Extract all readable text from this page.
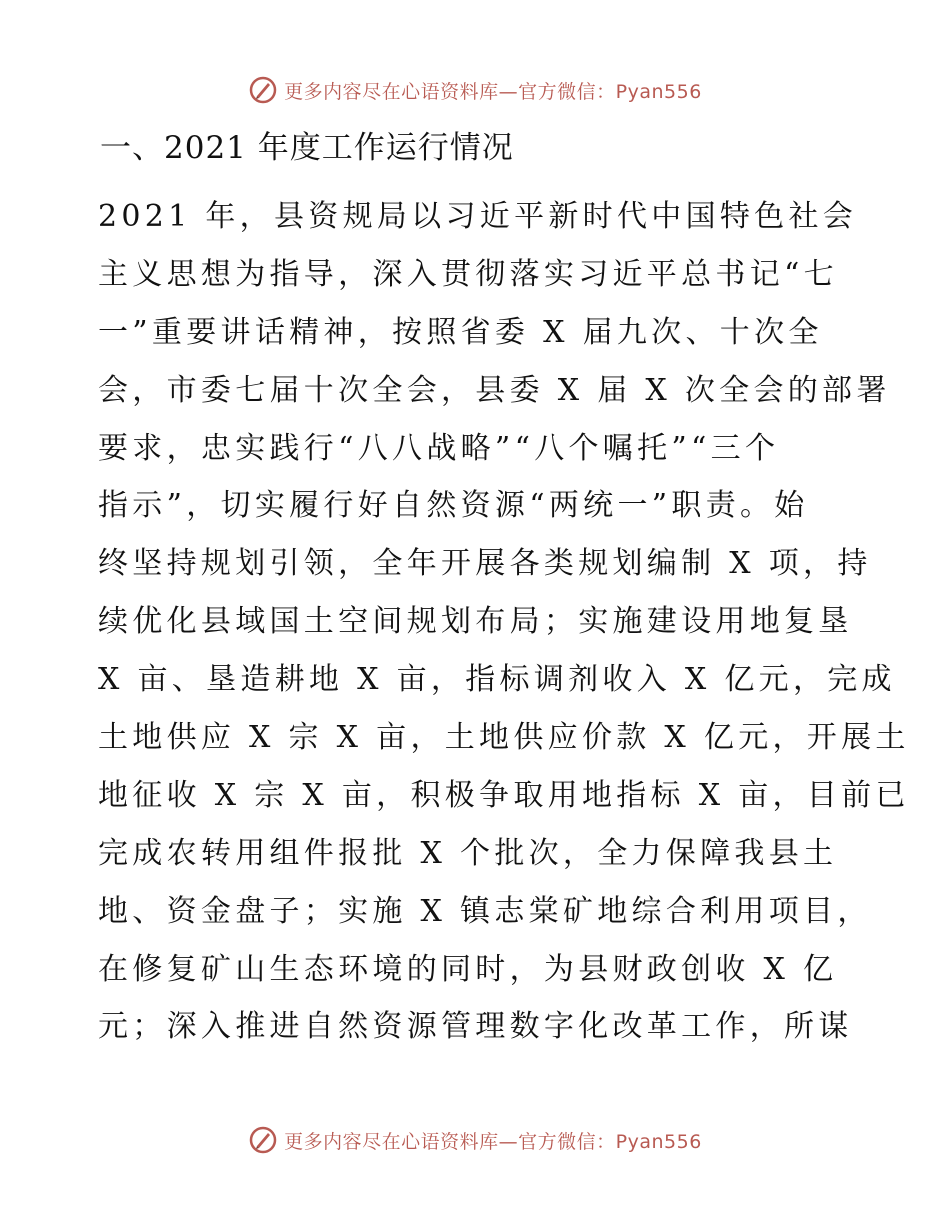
更多内容尽在心语资料库—官方微信：Pyan556
一、2021 年度工作运行情况
2021 年，县资规局以习近平新时代中国特色社会
主义思想为指导，深入贯彻落实习近平总书记“七
一”重要讲话精神，按照省委 X 届九次、十次全
会，市委七届十次全会，县委 X 届 X 次全会的部署
要求，忠实践行“八八战略”“八个嘱托”“三个
指示”，切实履行好自然资源“两统一”职责。始
终坚持规划引领，全年开展各类规划编制 X 项，持
续优化县域国土空间规划布局；实施建设用地复垦
X 亩、垦造耕地 X 亩，指标调剂收入 X 亿元，完成
土地供应 X 宗 X 亩，土地供应价款 X 亿元，开展土
地征收 X 宗 X 亩，积极争取用地指标 X 亩，目前已
完成农转用组件报批 X 个批次，全力保障我县土
地、资金盘子；实施 X 镇志棠矿地综合利用项目，
在修复矿山生态环境的同时，为县财政创收 X 亿
元；深入推进自然资源管理数字化改革工作，所谋
更多内容尽在心语资料库—官方微信：Pyan556
